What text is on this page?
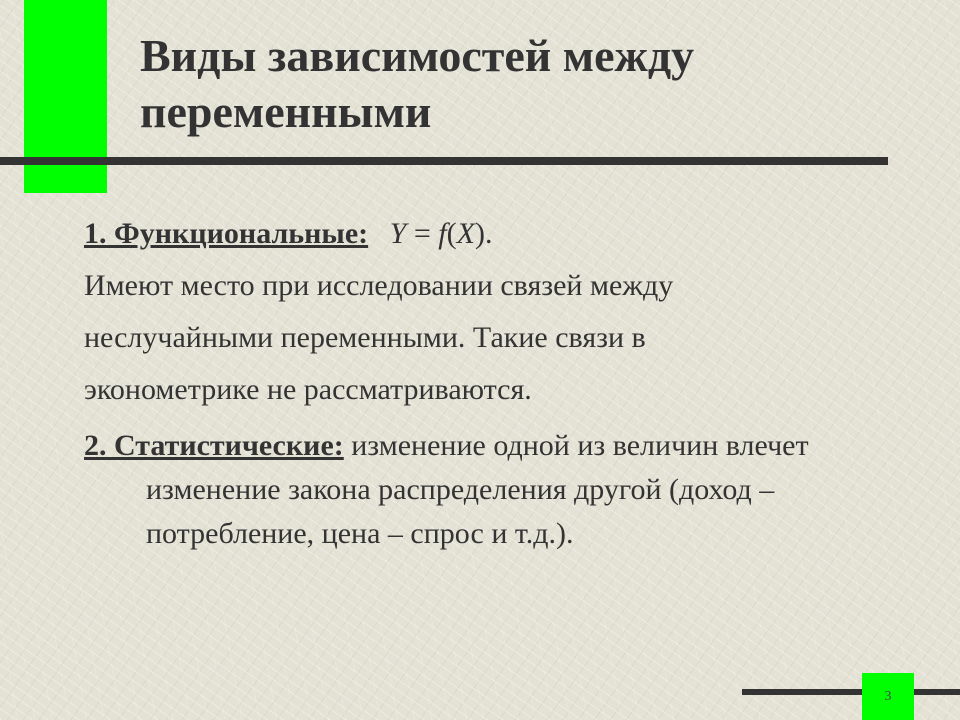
Виды зависимостей между
переменными

1. Функциональные: Y = f(X).

Имеют место при исследовании связей между

неслучайными переменными. Такие связи в

эконометрике не рассматриваются.

2. Статистические: изменение одной из величин влечет изменение закона распределения другой (доход – потребление, цена – спрос и т.д.).

3
